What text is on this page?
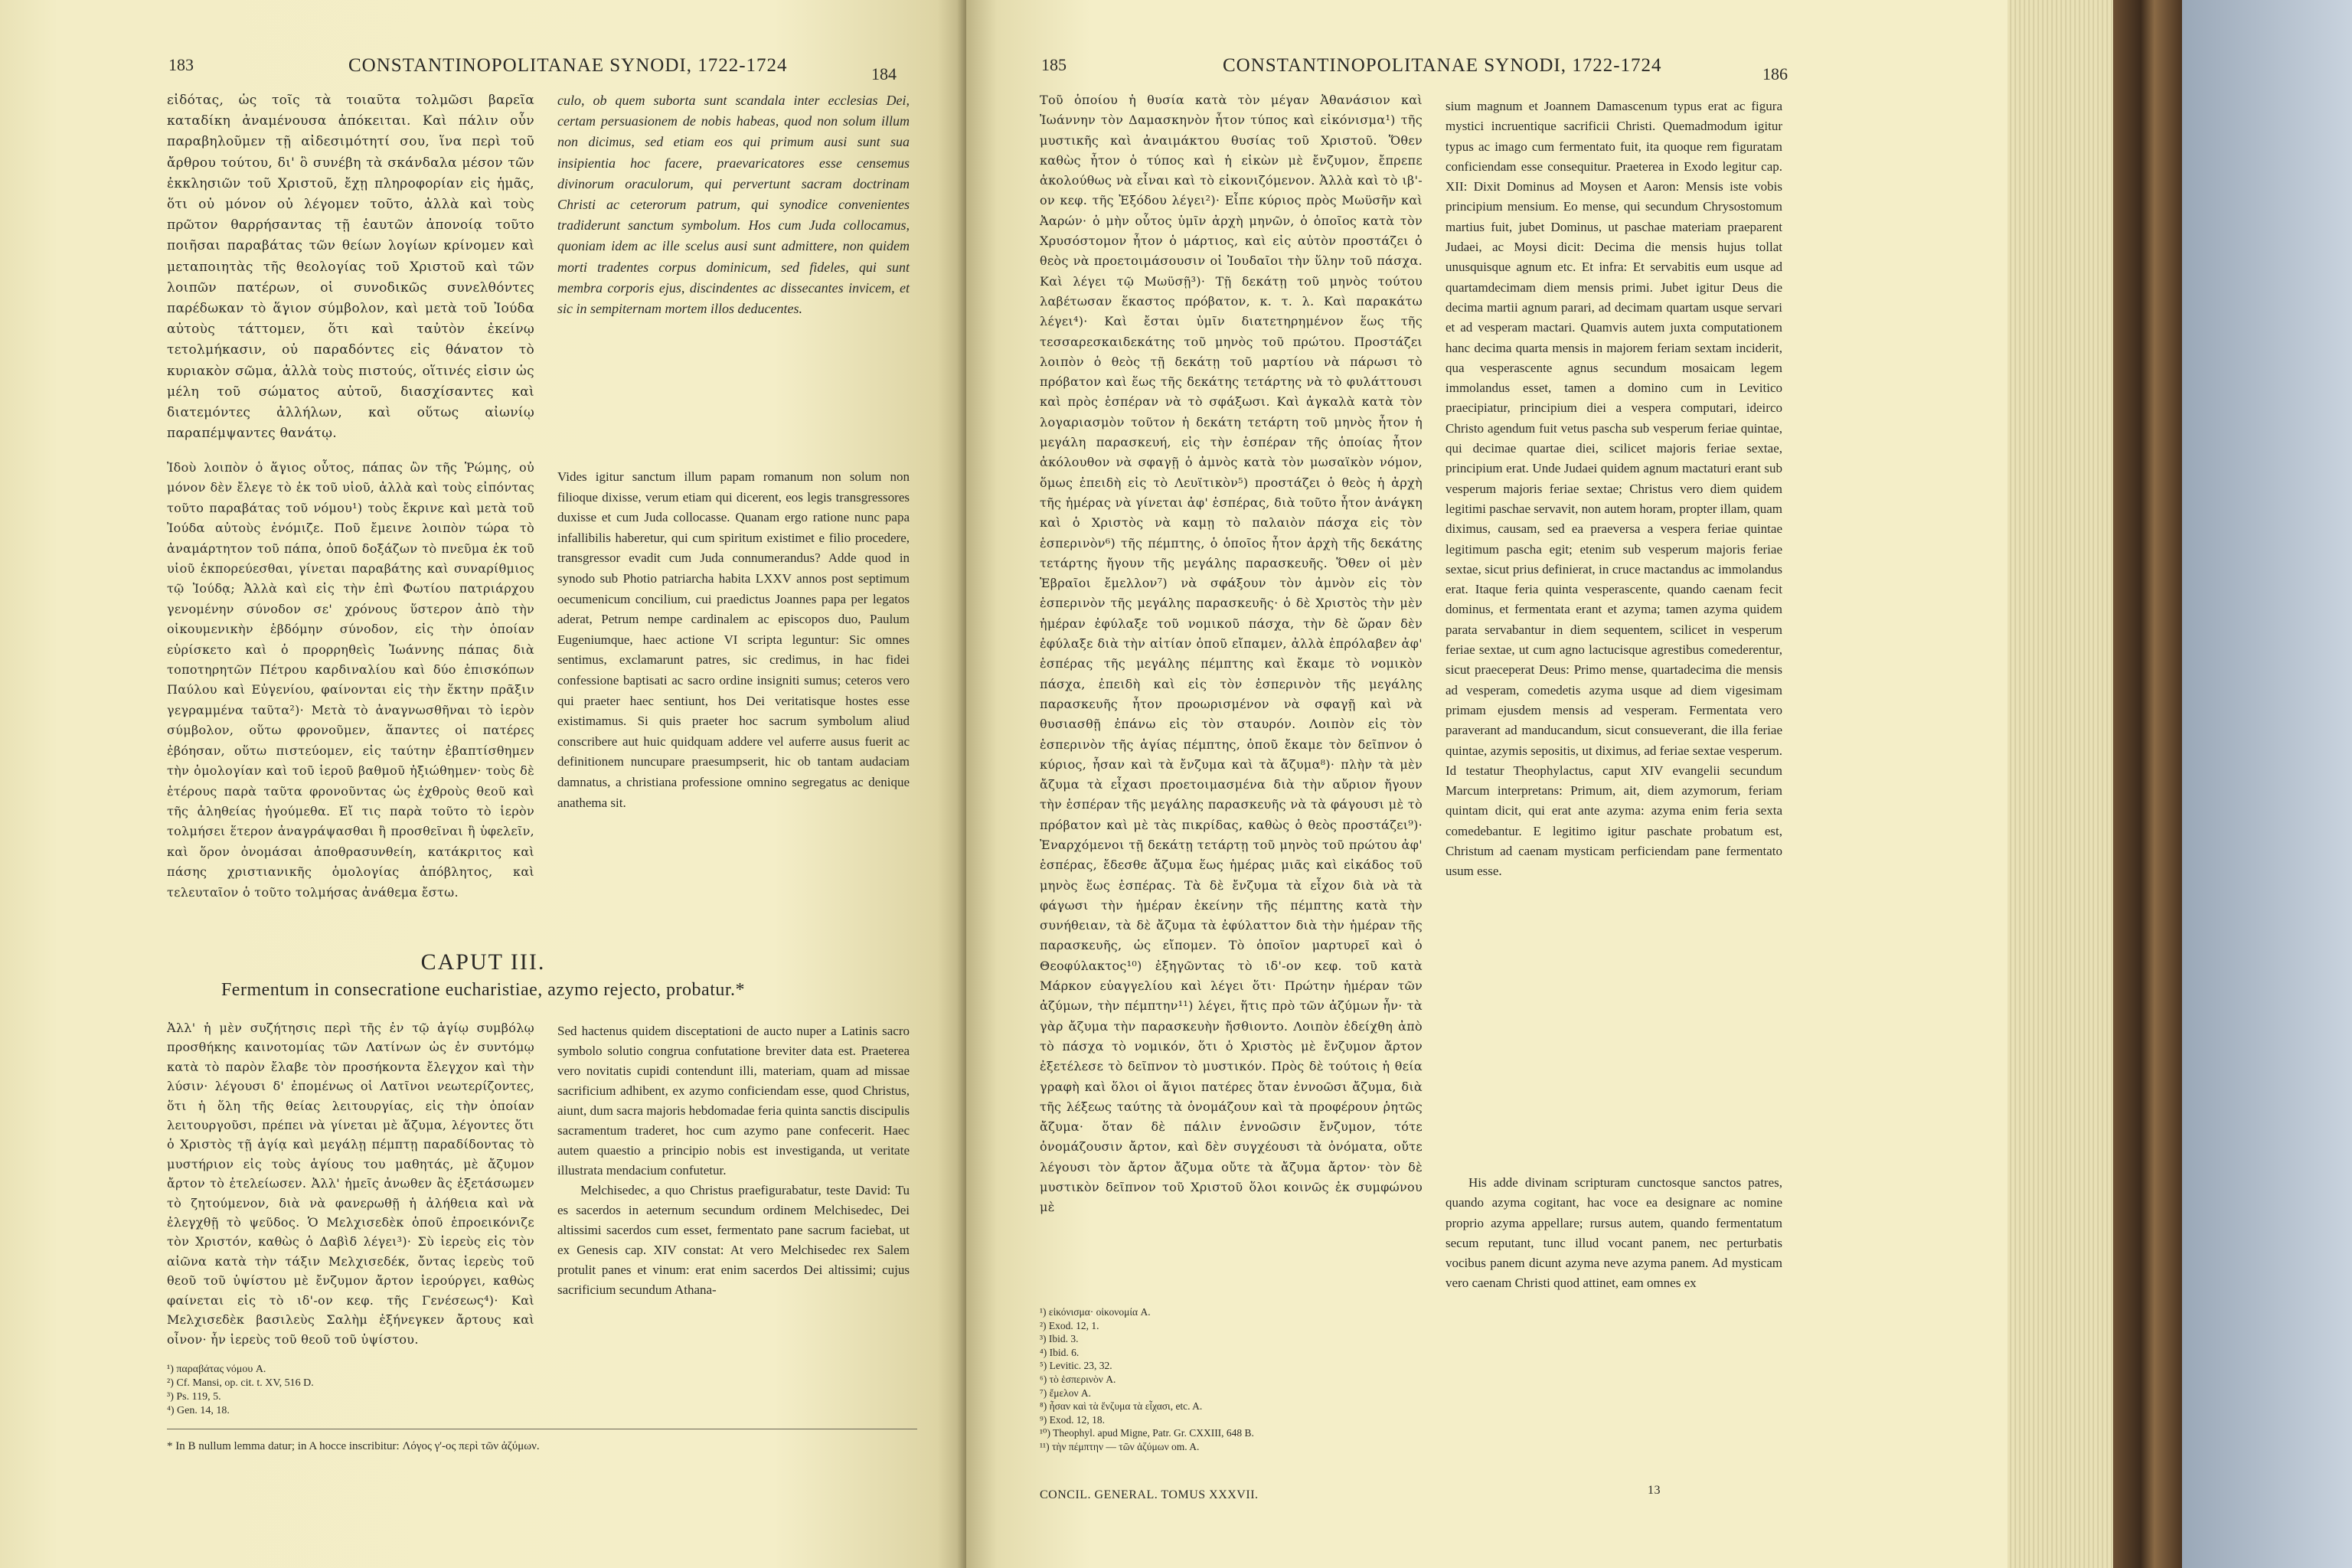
183	CONSTANTINOPOLITANAE SYNODI, 1722-1724	184

εἰδότας, ὡς τοῖς τὰ τοιαῦτα τολμῶσι βαρεῖα καταδίκη ἀναμένουσα ἀπόκειται. Καὶ πάλιν οὖν παραβηλοῦμεν τῇ αἰδεσιμότητί σου, ἵνα περὶ τοῦ ἄρθρου τούτου, δι' ὃ συνέβη τὰ σκάνδαλα μέσον τῶν ἐκκλησιῶν τοῦ Χριστοῦ, ἔχῃ πληροφορίαν εἰς ἡμᾶς, ὅτι οὐ μόνον οὐ λέγομεν τοῦτο, ἀλλὰ καὶ τοὺς πρῶτον θαρρήσαντας τῇ ἑαυτῶν ἀπονοίᾳ τοῦτο ποιῆσαι παραβάτας τῶν θείων λογίων κρίνομεν καὶ μεταποιητὰς τῆς θεολογίας τοῦ Χριστοῦ καὶ τῶν λοιπῶν πατέρων, οἱ συνοδικῶς συνελθόντες παρέδωκαν τὸ ἅγιον σύμβολον, καὶ μετὰ τοῦ Ἰούδα αὐτοὺς τάττομεν, ὅτι καὶ ταὐτὸν ἐκείνῳ τετολμήκασιν, οὐ παραδόντες εἰς θάνατον τὸ κυριακὸν σῶμα, ἀλλὰ τοὺς πιστούς, οἵτινές εἰσιν ὡς μέλη τοῦ σώματος αὐτοῦ, διασχίσαντες καὶ διατεμόντες ἀλλήλων, καὶ οὕτως αἰωνίῳ παραπέμψαντες θανάτῳ.

culo, ob quem suborta sunt scandala inter ecclesias Dei, certam persuasionem de nobis habeas, quod non solum illum non dicimus, sed etiam eos qui primum ausi sunt sua insipientia hoc facere, praevaricatores esse censemus divinorum oraculorum, qui pervertunt sacram doctrinam Christi ac ceterorum patrum, qui synodice convenientes tradiderunt sanctum symbolum. Hos cum Juda collocamus, quoniam idem ac ille scelus ausi sunt admittere, non quidem morti tradentes corpus dominicum, sed fideles, qui sunt membra corporis ejus, discindentes ac dissecantes invicem, et sic in sempiternam mortem illos deducentes.

Ἰδοὺ λοιπὸν ὁ ἅγιος οὗτος, πάπας ὢν τῆς Ῥώμης, οὐ μόνον δὲν ἔλεγε τὸ ἐκ τοῦ υἱοῦ, ἀλλὰ καὶ τοὺς εἰπόντας τοῦτο παραβάτας τοῦ νόμου¹) τοὺς ἔκρινε καὶ μετὰ τοῦ Ἰούδα αὐτοὺς ἐνόμιζε. Ποῦ ἔμεινε λοιπὸν τώρα τὸ ἀναμάρτητον τοῦ πάπα, ὁποῦ δοξάζων τὸ πνεῦμα ἐκ τοῦ υἱοῦ ἐκπορεύεσθαι, γίνεται παραβάτης καὶ συναρίθμιος τῷ Ἰούδᾳ; Ἀλλὰ καὶ εἰς τὴν ἐπὶ Φωτίου πατριάρχου γενομένην σύνοδον σε' χρόνους ὕστερον ἀπὸ τὴν οἰκουμενικὴν ἑβδόμην σύνοδον, εἰς τὴν ὁποίαν εὑρίσκετο καὶ ὁ προρρηθεὶς Ἰωάννης πάπας διὰ τοποτηρητῶν Πέτρου καρδιναλίου καὶ δύο ἐπισκόπων Παύλου καὶ Εὐγενίου, φαίνονται εἰς τὴν ἕκτην πρᾶξιν γεγραμμένα ταῦτα²)· Μετὰ τὸ ἀναγνωσθῆναι τὸ ἱερὸν σύμβολον, οὕτω φρονοῦμεν, ἅπαντες οἱ πατέρες ἐβόησαν, οὕτω πιστεύομεν, εἰς ταύτην ἐβαπτίσθημεν τὴν ὁμολογίαν καὶ τοῦ ἱεροῦ βαθμοῦ ἠξιώθημεν· τοὺς δὲ ἑτέρους παρὰ ταῦτα φρονοῦντας ὡς ἐχθροὺς θεοῦ καὶ τῆς ἀληθείας ἡγούμεθα. Εἴ τις παρὰ τοῦτο τὸ ἱερὸν τολμήσει ἕτερον ἀναγράψασθαι ἢ προσθεῖναι ἢ ὑφελεῖν, καὶ ὅρον ὀνομάσαι ἀποθρασυνθείη, κατάκριτος καὶ πάσης χριστιανικῆς ὁμολογίας ἀπόβλητος, καὶ τελευταῖον ὁ τοῦτο τολμήσας ἀνάθεμα ἔστω.

Vides igitur sanctum illum papam romanum non solum non filioque dixisse, verum etiam qui dicerent, eos legis transgressores duxisse et cum Juda collocasse. Quanam ergo ratione nunc papa infallibilis haberetur, qui cum spiritum existimet e filio procedere, transgressor evadit cum Juda connumerandus? Adde quod in synodo sub Photio patriarcha habita LXXV annos post septimum oecumenicum concilium, cui praedictus Joannes papa per legatos aderat, Petrum nempe cardinalem ac episcopos duo, Paulum Eugeniumque, haec actione VI scripta leguntur: Sic omnes sentimus, exclamarunt patres, sic credimus, in hac fidei confessione baptisati ac sacro ordine insigniti sumus; ceteros vero qui praeter haec sentiunt, hos Dei veritatisque hostes esse existimamus. Si quis praeter hoc sacrum symbolum aliud conscribere aut huic quidquam addere vel auferre ausus fuerit ac definitionem nuncupare praesumpserit, hic ob tantam audaciam damnatus, a christiana professione omnino segregatus ac denique anathema sit.

CAPUT III.
Fermentum in consecratione eucharistiae, azymo rejecto, probatur.*

Ἀλλ' ἡ μὲν συζήτησις περὶ τῆς ἐν τῷ ἁγίῳ συμβόλῳ προσθήκης καινοτομίας τῶν Λατίνων ὡς ἐν συντόμῳ κατὰ τὸ παρὸν ἔλαβε τὸν προσήκοντα ἔλεγχον καὶ τὴν λύσιν· λέγουσι δ' ἐπομένως οἱ Λατῖνοι νεωτερίζοντες, ὅτι ἡ ὅλη τῆς θείας λειτουργίας, εἰς τὴν ὁποίαν λειτουργοῦσι, πρέπει νὰ γίνεται μὲ ἄζυμα, λέγοντες ὅτι ὁ Χριστὸς τῇ ἁγίᾳ καὶ μεγάλῃ πέμπτῃ παραδίδοντας τὸ μυστήριον εἰς τοὺς ἁγίους του μαθητάς, μὲ ἄζυμον ἄρτον τὸ ἐτελείωσεν. Ἀλλ' ἡμεῖς ἀνωθεν ἂς ἐξετάσωμεν τὸ ζητούμενον, διὰ νὰ φανερωθῇ ἡ ἀλήθεια καὶ νὰ ἐλεγχθῇ τὸ ψεῦδος. Ὁ Μελχισεδὲκ ὁποῦ ἐπροεικόνιζε τὸν Χριστόν, καθὼς ὁ Δαβὶδ λέγει³)· Σὺ ἱερεὺς εἰς τὸν αἰῶνα κατὰ τὴν τάξιν Μελχισεδέκ, ὄντας ἱερεὺς τοῦ θεοῦ τοῦ ὑψίστου μὲ ἔνζυμον ἄρτον ἱερούργει, καθὼς φαίνεται εἰς τὸ ιδ'-ον κεφ. τῆς Γενέσεως⁴)· Καὶ Μελχισεδὲκ βασιλεὺς Σαλὴμ ἐξήνεγκεν ἄρτους καὶ οἶνον· ἦν ἱερεὺς τοῦ θεοῦ τοῦ ὑψίστου.

Sed hactenus quidem disceptationi de aucto nuper a Latinis sacro symbolo solutio congrua confutatione breviter data est. Praeterea vero novitatis cupidi contendunt illi, materiam, quam ad missae sacrificium adhibent, ex azymo conficiendam esse, quod Christus, aiunt, dum sacra majoris hebdomadae feria quinta sanctis discipulis sacramentum traderet, hoc cum azymo pane confecerit. Haec autem quaestio a principio nobis est investiganda, ut veritate illustrata mendacium confutetur.

Melchisedec, a quo Christus praefigurabatur, teste David: Tu es sacerdos in aeternum secundum ordinem Melchisedec, Dei altissimi sacerdos cum esset, fermentato pane sacrum faciebat, ut ex Genesis cap. XIV constat: At vero Melchisedec rex Salem protulit panes et vinum: erat enim sacerdos Dei altissimi; cujus sacrificium secundum Athana-

¹) παραβάτας νόμου A.
²) Cf. Mansi, op. cit. t. XV, 516 D.
³) Ps. 119, 5.
⁴) Gen. 14, 18.
* In B nullum lemma datur; in A hocce inscribitur: Λόγος γ'-ος περὶ τῶν ἀζύμων.
185	CONSTANTINOPOLITANAE SYNODI, 1722-1724	186

Τοῦ ὁποίου ἡ θυσία κατὰ τὸν μέγαν Ἀθανάσιον καὶ Ἰωάννην τὸν Δαμασκηνὸν ἦτον τύπος καὶ εἰκόνισμα¹) τῆς μυστικῆς καὶ ἀναιμάκτου θυσίας τοῦ Χριστοῦ. Ὅθεν καθὼς ἦτον ὁ τύπος καὶ ἡ εἰκὼν μὲ ἔνζυμον, ἔπρεπε ἀκολούθως νὰ εἶναι καὶ τὸ εἰκονιζόμενον. Ἀλλὰ καὶ τὸ ιβ'-ον κεφ. τῆς Ἐξόδου λέγει²)· Εἶπε κύριος πρὸς Μωϋσῆν καὶ Ἀαρών· ὁ μὴν οὗτος ὑμῖν ἀρχὴ μηνῶν, ὁ ὁποῖος κατὰ τὸν Χρυσόστομον ἦτον ὁ μάρτιος, καὶ εἰς αὐτὸν προστάζει ὁ θεὸς νὰ προετοιμάσουσιν οἱ Ἰουδαῖοι τὴν ὕλην τοῦ πάσχα. Καὶ λέγει τῷ Μωϋσῇ³)· Τῇ δεκάτῃ τοῦ μηνὸς τούτου λαβέτωσαν ἕκαστος πρόβατον, κ. τ. λ. Καὶ παρακάτω λέγει⁴)· Καὶ ἔσται ὑμῖν διατετηρημένον ἕως τῆς τεσσαρεσκαιδεκάτης τοῦ μηνὸς τοῦ πρώτου. Προστάζει λοιπὸν ὁ θεὸς τῇ δεκάτῃ τοῦ μαρτίου νὰ πάρωσι τὸ πρόβατον καὶ ἕως τῆς δεκάτης τετάρτης νὰ τὸ φυλάττουσι καὶ πρὸς ἑσπέραν νὰ τὸ σφάξωσι. Καὶ ἀγκαλὰ κατὰ τὸν λογαριασμὸν τοῦτον ἡ δεκάτη τετάρτη τοῦ μηνὸς ἦτον ἡ μεγάλη παρασκευή, εἰς τὴν ἑσπέραν τῆς ὁποίας ἦτον ἀκόλουθον νὰ σφαγῇ ὁ ἀμνὸς κατὰ τὸν μωσαϊκὸν νόμον, ὅμως ἐπειδὴ εἰς τὸ Λευϊτικὸν⁵) προστάζει ὁ θεὸς ἡ ἀρχὴ τῆς ἡμέρας νὰ γίνεται ἀφ' ἑσπέρας, διὰ τοῦτο ἦτον ἀνάγκη καὶ ὁ Χριστὸς νὰ καμῃ τὸ παλαιὸν πάσχα εἰς τὸν ἑσπερινὸν⁶) τῆς πέμπτης, ὁ ὁποῖος ἦτον ἀρχὴ τῆς δεκάτης τετάρτης ἤγουν τῆς μεγάλης παρασκευῆς. Ὅθεν οἱ μὲν Ἑβραῖοι ἔμελλον⁷) νὰ σφάξουν τὸν ἀμνὸν εἰς τὸν ἑσπερινὸν τῆς μεγάλης παρασκευῆς· ὁ δὲ Χριστὸς τὴν μὲν ἡμέραν ἐφύλαξε τοῦ νομικοῦ πάσχα, τὴν δὲ ὥραν δὲν ἐφύλαξε διὰ τὴν αἰτίαν ὁποῦ εἴπαμεν, ἀλλὰ ἐπρόλαβεν ἀφ' ἑσπέρας τῆς μεγάλης πέμπτης καὶ ἔκαμε τὸ νομικὸν πάσχα, ἐπειδὴ καὶ εἰς τὸν ἑσπερινὸν τῆς μεγάλης παρασκευῆς ἦτον προωρισμένον νὰ σφαγῇ καὶ νὰ θυσιασθῇ ἐπάνω εἰς τὸν σταυρόν. Λοιπὸν εἰς τὸν ἑσπερινὸν τῆς ἁγίας πέμπτης, ὁποῦ ἔκαμε τὸν δεῖπνον ὁ κύριος, ἦσαν καὶ τὰ ἔνζυμα καὶ τὰ ἄζυμα⁸)· πλὴν τὰ μὲν ἄζυμα τὰ εἶχασι προετοιμασμένα διὰ τὴν αὔριον ἤγουν τὴν ἑσπέραν τῆς μεγάλης παρασκευῆς νὰ τὰ φάγουσι μὲ τὸ πρόβατον καὶ μὲ τὰς πικρίδας, καθὼς ὁ θεὸς προστάζει⁹)· Ἐναρχόμενοι τῇ δεκάτῃ τετάρτῃ τοῦ μηνὸς τοῦ πρώτου ἀφ' ἑσπέρας, ἔδεσθε ἄζυμα ἕως ἡμέρας μιᾶς καὶ εἰκάδος τοῦ μηνὸς ἕως ἑσπέρας. Τὰ δὲ ἔνζυμα τὰ εἶχον διὰ νὰ τὰ φάγωσι τὴν ἡμέραν ἐκείνην τῆς πέμπτης κατὰ τὴν συνήθειαν, τὰ δὲ ἄζυμα τὰ ἐφύλαττον διὰ τὴν ἡμέραν τῆς παρασκευῆς, ὡς εἴπομεν. Τὸ ὁποῖον μαρτυρεῖ καὶ ὁ Θεοφύλακτος¹⁰) ἐξηγῶντας τὸ ιδ'-ον κεφ. τοῦ κατὰ Μάρκον εὐαγγελίου καὶ λέγει ὅτι· Πρώτην ἡμέραν τῶν ἀζύμων, τὴν πέμπτην¹¹) λέγει, ἥτις πρὸ τῶν ἀζύμων ἦν· τὰ γὰρ ἄζυμα τὴν παρασκευὴν ἤσθιοντο. Λοιπὸν ἐδείχθη ἀπὸ τὸ πάσχα τὸ νομικόν, ὅτι ὁ Χριστὸς μὲ ἔνζυμον ἄρτον ἐξετέλεσε τὸ δεῖπνον τὸ μυστικόν. Πρὸς δὲ τούτοις ἡ θεία γραφὴ καὶ ὅλοι οἱ ἅγιοι πατέρες ὅταν ἐννοῶσι ἄζυμα, διὰ τῆς λέξεως ταύτης τὰ ὀνομάζουν καὶ τὰ προφέρουν ῥητῶς ἄζυμα· ὅταν δὲ πάλιν ἐννοῶσιν ἔνζυμον, τότε ὀνομάζουσιν ἄρτον, καὶ δὲν συγχέουσι τὰ ὀνόματα, οὔτε λέγουσι τὸν ἄρτον ἄζυμα οὔτε τὰ ἄζυμα ἄρτον· τὸν δὲ μυστικὸν δεῖπνον τοῦ Χριστοῦ ὅλοι κοινῶς ἐκ συμφώνου μὲ

sium magnum et Joannem Damascenum typus erat ac figura mystici incruentique sacrificii Christi. Quemadmodum igitur typus ac imago cum fermentato fuit, ita quoque rem figuratam conficiendam esse consequitur. Praeterea in Exodo legitur cap. XII: Dixit Dominus ad Moysen et Aaron: Mensis iste vobis principium mensium. Eo mense, qui secundum Chrysostomum martius fuit, jubet Dominus, ut paschae materiam praeparent Judaei, ac Moysi dicit: Decima die mensis hujus tollat unusquisque agnum etc. Et infra: Et servabitis eum usque ad quartamdecimam diem mensis primi. Jubet igitur Deus die decima martii agnum parari, ad decimam quartam usque servari et ad vesperam mactari. Quamvis autem juxta computationem hanc decima quarta mensis in majorem feriam sextam inciderit, qua vesperascente agnus secundum mosaicam legem immolandus esset, tamen a domino cum in Levitico praecipiatur, principium diei a vespera computari, ideirco Christo agendum fuit vetus pascha sub vesperum feriae quintae, qui decimae quartae diei, scilicet majoris feriae sextae, principium erat. Unde Judaei quidem agnum mactaturi erant sub vesperum majoris feriae sextae; Christus vero diem quidem legitimi paschae servavit, non autem horam, propter illam, quam diximus, causam, sed ea praeversa a vespera feriae quintae legitimum pascha egit; etenim sub vesperum majoris feriae sextae, sicut prius definierat, in cruce mactandus ac immolandus erat. Itaque feria quinta vesperascente, quando caenam fecit dominus, et fermentata erant et azyma; tamen azyma quidem parata servabantur in diem sequentem, scilicet in vesperum feriae sextae, ut cum agno lactucisque agrestibus comederentur, sicut praeceperat Deus: Primo mense, quartadecima die mensis ad vesperam, comedetis azyma usque ad diem vigesimam primam ejusdem mensis ad vesperam. Fermentata vero paraverant ad manducandum, sicut consueverant, die illa feriae quintae, azymis sepositis, ut diximus, ad feriae sextae vesperum. Id testatur Theophylactus, caput XIV evangelii secundum Marcum interpretans: Primum, ait, diem azymorum, feriam quintam dicit, qui erat ante azyma: azyma enim feria sexta comedebantur. E legitimo igitur paschate probatum est, Christum ad caenam mysticam perficiendam pane fermentato usum esse.

His adde divinam scripturam cunctosque sanctos patres, quando azyma cogitant, hac voce ea designare ac nomine proprio azyma appellare; rursus autem, quando fermentatum secum reputant, tunc illud vocant panem, nec perturbatis vocibus panem dicunt azyma neve azyma panem. Ad mysticam vero caenam Christi quod attinet, eam omnes ex

¹) εἰκόνισμα· οἰκονομία A.
²) Exod. 12, 1.
³) Ibid. 3.
⁴) Ibid. 6.
⁵) Levitic. 23, 32.
⁶) τὸ ἑσπερινὸν A.
⁷) ἔμελον A.
⁸) ἦσαν καὶ τὰ ἔνζυμα τὰ εἶχασι, etc. A.
⁹) Exod. 12, 18.
¹⁰) Theophyl. apud Migne, Patr. Gr. CXXIII, 648 B.
¹¹) τὴν πέμπτην — τῶν ἀζύμων om. A.
CONCIL. GENERAL. TOMUS XXXVII.	13
